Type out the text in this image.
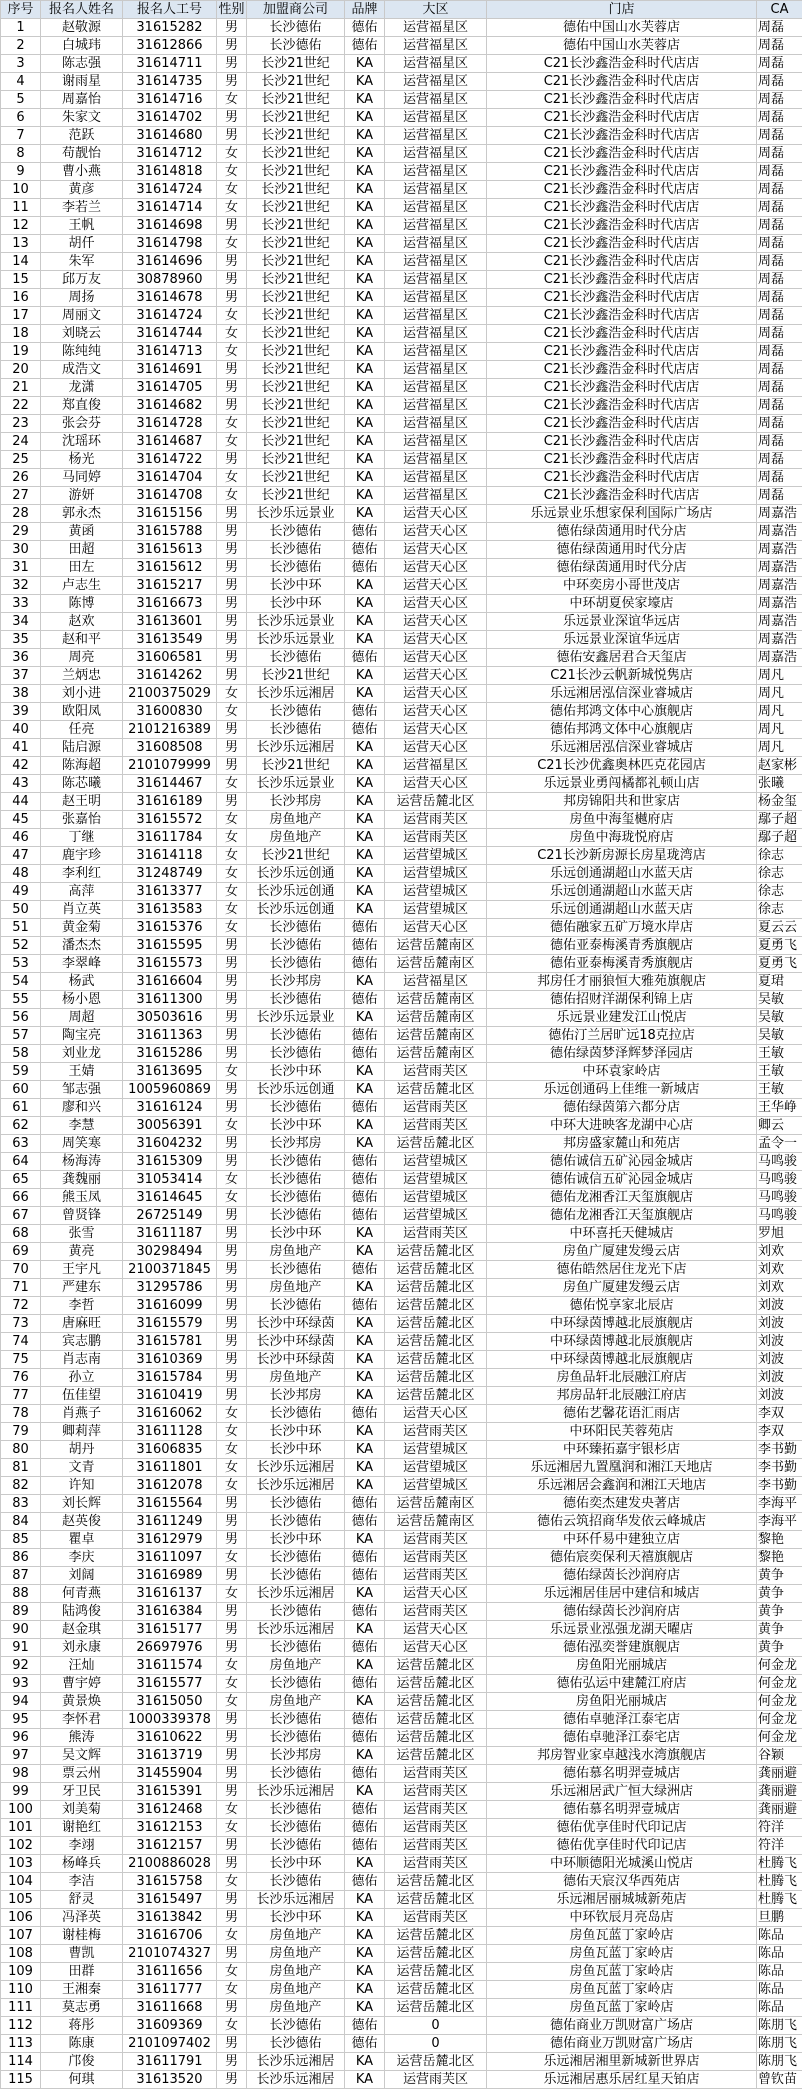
序号	报名人姓名	报名人工号	性别	加盟商公司	品牌	大区	门店	CA
1	赵敬源	31615282	男	长沙德佑	德佑	运营福星区	德佑中国山水芙蓉店	周磊
2	白城玮	31612866	男	长沙德佑	德佑	运营福星区	德佑中国山水芙蓉店	周磊
3	陈志强	31614711	男	长沙21世纪	KA	运营福星区	C21长沙鑫浩金科时代店店	周磊
4	谢雨星	31614735	男	长沙21世纪	KA	运营福星区	C21长沙鑫浩金科时代店店	周磊
5	周嘉怡	31614716	女	长沙21世纪	KA	运营福星区	C21长沙鑫浩金科时代店店	周磊
6	朱家文	31614702	男	长沙21世纪	KA	运营福星区	C21长沙鑫浩金科时代店店	周磊
7	范跃	31614680	男	长沙21世纪	KA	运营福星区	C21长沙鑫浩金科时代店店	周磊
8	苟靓怡	31614712	女	长沙21世纪	KA	运营福星区	C21长沙鑫浩金科时代店店	周磊
9	曹小燕	31614818	女	长沙21世纪	KA	运营福星区	C21长沙鑫浩金科时代店店	周磊
10	黄彦	31614724	女	长沙21世纪	KA	运营福星区	C21长沙鑫浩金科时代店店	周磊
11	李若兰	31614714	女	长沙21世纪	KA	运营福星区	C21长沙鑫浩金科时代店店	周磊
12	王帆	31614698	男	长沙21世纪	KA	运营福星区	C21长沙鑫浩金科时代店店	周磊
13	胡仟	31614798	女	长沙21世纪	KA	运营福星区	C21长沙鑫浩金科时代店店	周磊
14	朱军	31614696	男	长沙21世纪	KA	运营福星区	C21长沙鑫浩金科时代店店	周磊
15	邱万友	30878960	男	长沙21世纪	KA	运营福星区	C21长沙鑫浩金科时代店店	周磊
16	周扬	31614678	男	长沙21世纪	KA	运营福星区	C21长沙鑫浩金科时代店店	周磊
17	周丽文	31614724	女	长沙21世纪	KA	运营福星区	C21长沙鑫浩金科时代店店	周磊
18	刘晓云	31614744	女	长沙21世纪	KA	运营福星区	C21长沙鑫浩金科时代店店	周磊
19	陈纯纯	31614713	女	长沙21世纪	KA	运营福星区	C21长沙鑫浩金科时代店店	周磊
20	成浩文	31614691	男	长沙21世纪	KA	运营福星区	C21长沙鑫浩金科时代店店	周磊
21	龙潇	31614705	男	长沙21世纪	KA	运营福星区	C21长沙鑫浩金科时代店店	周磊
22	郑直俊	31614682	男	长沙21世纪	KA	运营福星区	C21长沙鑫浩金科时代店店	周磊
23	张会芬	31614728	女	长沙21世纪	KA	运营福星区	C21长沙鑫浩金科时代店店	周磊
24	沈瑶环	31614687	女	长沙21世纪	KA	运营福星区	C21长沙鑫浩金科时代店店	周磊
25	杨光	31614722	男	长沙21世纪	KA	运营福星区	C21长沙鑫浩金科时代店店	周磊
26	马同婷	31614704	女	长沙21世纪	KA	运营福星区	C21长沙鑫浩金科时代店店	周磊
27	游妍	31614708	女	长沙21世纪	KA	运营福星区	C21长沙鑫浩金科时代店店	周磊
28	郭永杰	31615156	男	长沙乐远景业	KA	运营天心区	乐远景业乐想家保利国际广场店	周嘉浩
29	黄函	31615788	男	长沙德佑	德佑	运营天心区	德佑绿茵通用时代分店	周嘉浩
30	田超	31615613	男	长沙德佑	德佑	运营天心区	德佑绿茵通用时代分店	周嘉浩
31	田左	31615612	男	长沙德佑	德佑	运营天心区	德佑绿茵通用时代分店	周嘉浩
32	卢志生	31615217	男	长沙中环	KA	运营天心区	中环奕房小哥世茂店	周嘉浩
33	陈博	31616673	男	长沙中环	KA	运营天心区	中环胡夏侯家壕店	周嘉浩
34	赵欢	31613601	男	长沙乐远景业	KA	运营天心区	乐远景业深谊华远店	周嘉浩
35	赵和平	31613549	男	长沙乐远景业	KA	运营天心区	乐远景业深谊华远店	周嘉浩
36	周亮	31606581	男	长沙德佑	德佑	运营天心区	德佑安鑫居君合天玺店	周嘉浩
37	兰炳忠	31614262	男	长沙21世纪	KA	运营天心区	C21长沙云帆新城悦隽店	周凡
38	刘小进	2100375029	女	长沙乐远湘居	KA	运营天心区	乐远湘居泓信深业睿城店	周凡
39	欧阳凤	31600830	女	长沙德佑	德佑	运营天心区	德佑邦鸿文体中心旗舰店	周凡
40	任亮	2101216389	男	长沙德佑	德佑	运营天心区	德佑邦鸿文体中心旗舰店	周凡
41	陆启源	31608508	男	长沙乐远湘居	KA	运营天心区	乐远湘居泓信深业睿城店	周凡
42	陈海超	2101079999	男	长沙21世纪	KA	运营福星区	C21长沙优鑫奥林匹克花园店	赵家彬
43	陈芯曦	31614467	女	长沙乐远景业	KA	运营天心区	乐远景业勇闯橘都礼顿山店	张曦
44	赵王明	31616189	男	长沙邦房	KA	运营岳麓北区	邦房锦阳共和世家店	杨金玺
45	张嘉怡	31615572	女	房鱼地产	KA	运营雨芙区	房鱼中海玺樾府店	鄢子超
46	丁继	31611784	女	房鱼地产	KA	运营雨芙区	房鱼中海珑悦府店	鄢子超
47	鹿宇珍	31614118	女	长沙21世纪	KA	运营望城区	C21长沙新房源长房星珑湾店	徐志
48	李利红	31248749	女	长沙乐远创通	KA	运营望城区	乐远创通湖超山水蓝天店	徐志
49	高萍	31613377	女	长沙乐远创通	KA	运营望城区	乐远创通湖超山水蓝天店	徐志
50	肖立英	31613583	女	长沙乐远创通	KA	运营望城区	乐远创通湖超山水蓝天店	徐志
51	黄金菊	31615376	女	长沙德佑	德佑	运营天心区	德佑融家五矿万境水岸店	夏云云
52	潘杰杰	31615595	男	长沙德佑	德佑	运营岳麓南区	德佑亚泰梅溪青秀旗舰店	夏勇飞
53	李翠峰	31615573	男	长沙德佑	德佑	运营岳麓南区	德佑亚泰梅溪青秀旗舰店	夏勇飞
54	杨武	31616604	男	长沙邦房	KA	运营福星区	邦房任才丽狼恒大雅苑旗舰店	夏珺
55	杨小恩	31611300	男	长沙德佑	德佑	运营岳麓南区	德佑招财洋湖保利锦上店	吴敏
56	周超	30503616	男	长沙乐远景业	KA	运营岳麓南区	乐远景业建发江山悦店	吴敏
57	陶宝亮	31611363	男	长沙德佑	德佑	运营岳麓南区	德佑汀兰居旷远18克拉店	吴敏
58	刘业龙	31615286	男	长沙德佑	德佑	运营岳麓南区	德佑绿茵梦泽辉梦泽园店	王敏
59	王婧	31613695	女	长沙中环	KA	运营雨芙区	中环袁家岭店	王敏
60	邹志强	1005960869	男	长沙乐远创通	KA	运营岳麓北区	乐远创通码上佳维一新城店	王敏
61	廖和兴	31616124	男	长沙德佑	德佑	运营雨芙区	德佑绿茵第六都分店	王华峥
62	李慧	30056391	女	长沙中环	KA	运营雨芙区	中环大进映客龙湖中心店	卿云
63	周笑寒	31604232	男	长沙邦房	KA	运营岳麓北区	邦房盛家麓山和苑店	孟令一
64	杨海涛	31615309	男	长沙德佑	德佑	运营望城区	德佑诚信五矿沁园金城店	马鸣骏
65	龚魏丽	31053414	女	长沙德佑	德佑	运营望城区	德佑诚信五矿沁园金城店	马鸣骏
66	熊玉凤	31614645	女	长沙德佑	德佑	运营望城区	德佑龙湘香江天玺旗舰店	马鸣骏
67	曾贤锋	26725149	男	长沙德佑	德佑	运营望城区	德佑龙湘香江天玺旗舰店	马鸣骏
68	张雪	31611187	男	长沙中环	KA	运营雨芙区	中环喜托天健城店	罗旭
69	黄亮	30298494	男	房鱼地产	KA	运营岳麓北区	房鱼广厦建发缦云店	刘欢
70	王宇凡	2100371845	男	长沙德佑	德佑	运营岳麓北区	德佑皓然居住龙光下店	刘欢
71	严建东	31295786	男	房鱼地产	KA	运营岳麓北区	房鱼广厦建发缦云店	刘欢
72	李哲	31616099	男	长沙德佑	德佑	运营岳麓北区	德佑悦享家北辰店	刘波
73	唐麻旺	31615579	男	长沙中环绿茵	KA	运营岳麓北区	中环绿茵博越北辰旗舰店	刘波
74	宾志鹏	31615781	男	长沙中环绿茵	KA	运营岳麓北区	中环绿茵博越北辰旗舰店	刘波
75	肖志南	31610369	男	长沙中环绿茵	KA	运营岳麓北区	中环绿茵博越北辰旗舰店	刘波
76	孙立	31615784	男	房鱼地产	KA	运营岳麓北区	房鱼品轩北辰融江府店	刘波
77	伍佳望	31610419	男	长沙邦房	KA	运营岳麓北区	邦房品轩北辰融江府店	刘波
78	肖燕子	31616062	女	长沙德佑	德佑	运营天心区	德佑艺馨花语汇雨店	李双
79	卿莉萍	31611128	女	长沙中环	KA	运营雨芙区	中环阳民芙蓉苑店	李双
80	胡丹	31606835	女	长沙中环	KA	运营望城区	中环臻拓嘉宇银杉店	李书勤
81	文青	31611801	女	长沙乐远湘居	KA	运营望城区	乐远湘居九置凰润和湘江天地店	李书勤
82	许知	31612078	女	长沙乐远湘居	KA	运营望城区	乐远湘居会鑫润和湘江天地店	李书勤
83	刘长辉	31615564	男	长沙德佑	德佑	运营岳麓南区	德佑奕杰建发央著店	李海平
84	赵英俊	31611249	男	长沙德佑	德佑	运营岳麓南区	德佑云筑招商华发依云峰城店	李海平
85	瞿卓	31612979	男	长沙中环	KA	运营雨芙区	中环仟易中建独立店	黎艳
86	李庆	31611097	女	长沙德佑	德佑	运营雨芙区	德佑宸奕保利天禧旗舰店	黎艳
87	刘阔	31616989	男	长沙德佑	德佑	运营雨芙区	德佑绿茵长沙润府店	黄争
88	何青燕	31616137	女	长沙乐远湘居	KA	运营天心区	乐远湘居佳居中建信和城店	黄争
89	陆鸿俊	31616384	男	长沙德佑	德佑	运营雨芙区	德佑绿茵长沙润府店	黄争
90	赵金琪	31615177	男	长沙乐远湘居	KA	运营天心区	乐远景业泓强龙湖天曜店	黄争
91	刘永康	26697976	男	长沙德佑	德佑	运营天心区	德佑泓奕誉建旗舰店	黄争
92	汪灿	31611574	女	房鱼地产	KA	运营岳麓北区	房鱼阳光丽城店	何金龙
93	曹宇婷	31615577	女	长沙德佑	德佑	运营岳麓北区	德佑弘运中建麓江府店	何金龙
94	黄景焕	31615050	女	房鱼地产	KA	运营岳麓北区	房鱼阳光丽城店	何金龙
95	李怀君	1000339378	男	长沙德佑	德佑	运营岳麓北区	德佑卓驰泽江泰宅店	何金龙
96	熊涛	31610622	男	长沙德佑	德佑	运营岳麓北区	德佑卓驰泽江泰宅店	何金龙
97	吴文辉	31613719	男	长沙邦房	KA	运营岳麓北区	邦房智业家卓越浅水湾旗舰店	谷颖
98	票云州	31455904	男	长沙德佑	德佑	运营雨芙区	德佑慕名明羿壹城店	龚丽避
99	牙卫民	31615391	男	长沙乐远湘居	KA	运营雨芙区	乐远湘居武广恒大绿洲店	龚丽避
100	刘美菊	31612468	女	长沙德佑	德佑	运营雨芙区	德佑慕名明羿壹城店	龚丽避
101	谢艳红	31612153	女	长沙德佑	德佑	运营雨芙区	德佑优享佳时代印记店	符洋
102	李翊	31612157	男	长沙德佑	德佑	运营雨芙区	德佑优享佳时代印记店	符洋
103	杨峰兵	2100886028	男	长沙中环	KA	运营雨芙区	中环顺德阳光城溪山悦店	杜腾飞
104	李洁	31615758	女	长沙德佑	德佑	运营岳麓北区	德佑天宸汉华西苑店	杜腾飞
105	舒灵	31615497	男	长沙乐远湘居	KA	运营岳麓北区	乐远湘居丽城城新苑店	杜腾飞
106	冯泽英	31613842	男	长沙中环	KA	运营雨芙区	中环钦辰月亮岛店	旦鹏
107	谢桂梅	31616706	女	房鱼地产	KA	运营岳麓北区	房鱼瓦蓝丁家岭店	陈品
108	曹凯	2101074327	男	房鱼地产	KA	运营岳麓北区	房鱼瓦蓝丁家岭店	陈品
109	田群	31611656	女	房鱼地产	KA	运营岳麓北区	房鱼瓦蓝丁家岭店	陈品
110	王湘秦	31611777	女	房鱼地产	KA	运营岳麓北区	房鱼瓦蓝丁家岭店	陈品
111	莫志勇	31611668	男	房鱼地产	KA	运营岳麓北区	房鱼瓦蓝丁家岭店	陈品
112	蒋彤	31609369	女	长沙德佑	德佑	0	德佑商业万凯财富广场店	陈朋飞
113	陈康	2101097402	男	长沙德佑	德佑	0	德佑商业万凯财富广场店	陈朋飞
114	邝俊	31611791	男	长沙乐远湘居	KA	运营岳麓北区	乐远湘居湘里新城新世界店	陈朋飞
115	何琪	31613520	男	长沙乐远湘居	KA	运营雨芙区	乐远湘居惠乐居红星天铂店	曾钦苗
